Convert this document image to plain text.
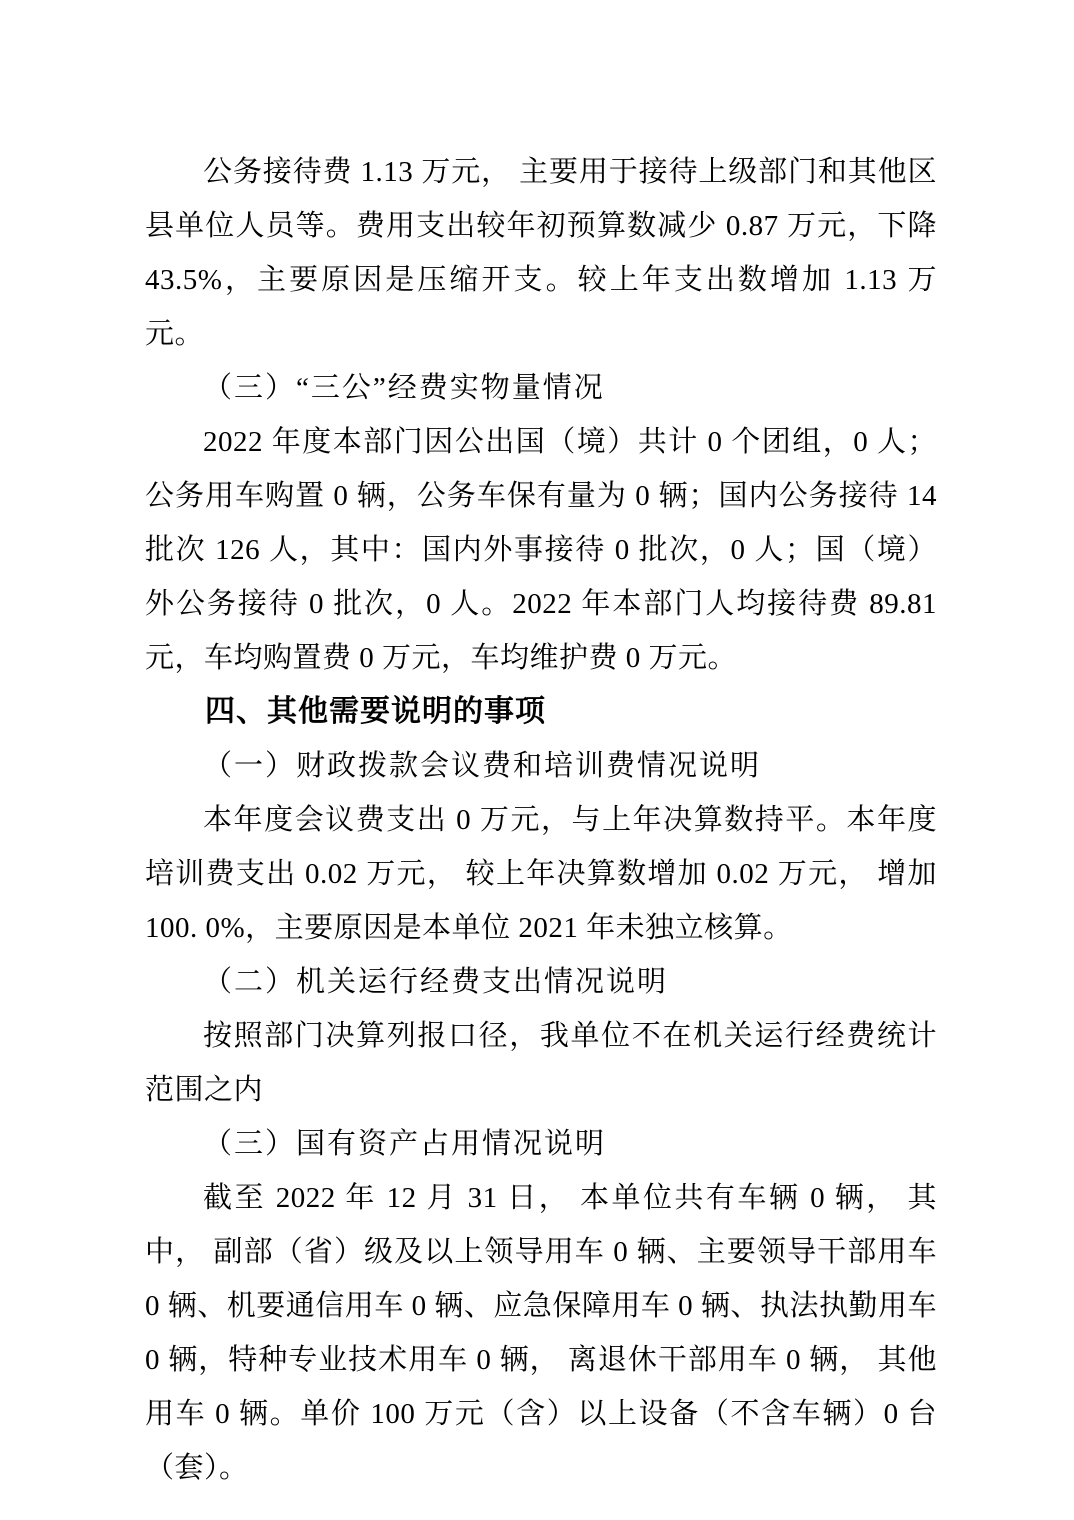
公务接待费 1.13 万元， 主要用于接待上级部门和其他区县单位人员等。费用支出较年初预算数减少 0.87 万元，下降 43.5%，主要原因是压缩开支。较上年支出数增加 1.13 万元。

（三）“三公”经费实物量情况

2022 年度本部门因公出国（境）共计 0 个团组，0 人；公务用车购置 0 辆，公务车保有量为 0 辆；国内公务接待 14 批次 126 人，其中：国内外事接待 0 批次，0 人；国（境）外公务接待 0 批次，0 人。2022 年本部门人均接待费 89.81 元，车均购置费 0 万元，车均维护费 0 万元。

四、其他需要说明的事项

（一）财政拨款会议费和培训费情况说明

本年度会议费支出 0 万元，与上年决算数持平。本年度培训费支出 0.02 万元， 较上年决算数增加 0.02 万元， 增加 100. 0%，主要原因是本单位 2021 年未独立核算。

（二）机关运行经费支出情况说明

按照部门决算列报口径，我单位不在机关运行经费统计范围之内

（三）国有资产占用情况说明

截至 2022 年 12 月 31 日， 本单位共有车辆 0 辆， 其中， 副部（省）级及以上领导用车 0 辆、主要领导干部用车 0 辆、机要通信用车 0 辆、应急保障用车 0 辆、执法执勤用车 0 辆，特种专业技术用车 0 辆， 离退休干部用车 0 辆， 其他用车 0 辆。单价 100 万元（含）以上设备（不含车辆）0 台（套）。
